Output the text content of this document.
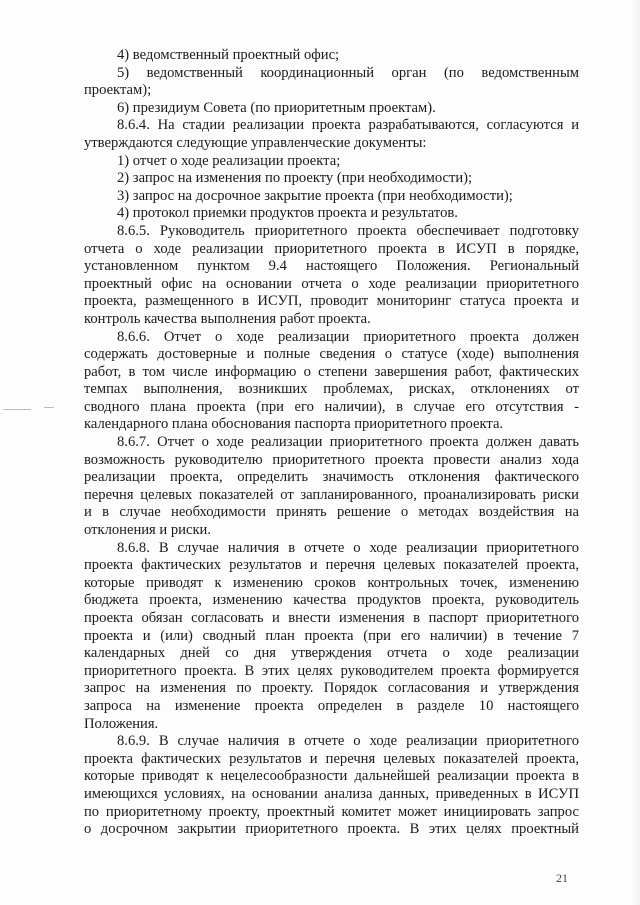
4) ведомственный проектный офис;
5) ведомственный координационный орган (по ведомственным
проектам);
6) президиум Совета (по приоритетным проектам).
8.6.4. На стадии реализации проекта разрабатываются, согласуются и
утверждаются следующие управленческие документы:
1) отчет о ходе реализации проекта;
2) запрос на изменения по проекту (при необходимости);
3) запрос на досрочное закрытие проекта (при необходимости);
4) протокол приемки продуктов проекта и результатов.
8.6.5. Руководитель приоритетного проекта обеспечивает подготовку
отчета о ходе реализации приоритетного проекта в ИСУП в порядке,
установленном пунктом 9.4 настоящего Положения. Региональный
проектный офис на основании отчета о ходе реализации приоритетного
проекта, размещенного в ИСУП, проводит мониторинг статуса проекта и
контроль качества выполнения работ проекта.
8.6.6. Отчет о ходе реализации приоритетного проекта должен
содержать достоверные и полные сведения о статусе (ходе) выполнения
работ, в том числе информацию о степени завершения работ, фактических
темпах выполнения, возникших проблемах, рисках, отклонениях от
сводного плана проекта (при его наличии), в случае его отсутствия -
календарного плана обоснования паспорта приоритетного проекта.
8.6.7. Отчет о ходе реализации приоритетного проекта должен давать
возможность руководителю приоритетного проекта провести анализ хода
реализации проекта, определить значимость отклонения фактического
перечня целевых показателей от запланированного, проанализировать риски
и в случае необходимости принять решение о методах воздействия на
отклонения и риски.
8.6.8. В случае наличия в отчете о ходе реализации приоритетного
проекта фактических результатов и перечня целевых показателей проекта,
которые приводят к изменению сроков контрольных точек, изменению
бюджета проекта, изменению качества продуктов проекта, руководитель
проекта обязан согласовать и внести изменения в паспорт приоритетного
проекта и (или) сводный план проекта (при его наличии) в течение 7
календарных дней со дня утверждения отчета о ходе реализации
приоритетного проекта. В этих целях руководителем проекта формируется
запрос на изменения по проекту. Порядок согласования и утверждения
запроса на изменение проекта определен в разделе 10 настоящего
Положения.
8.6.9. В случае наличия в отчете о ходе реализации приоритетного
проекта фактических результатов и перечня целевых показателей проекта,
которые приводят к нецелесообразности дальнейшей реализации проекта в
имеющихся условиях, на основании анализа данных, приведенных в ИСУП
по приоритетному проекту, проектный комитет может инициировать запрос
о досрочном закрытии приоритетного проекта. В этих целях проектный
21
